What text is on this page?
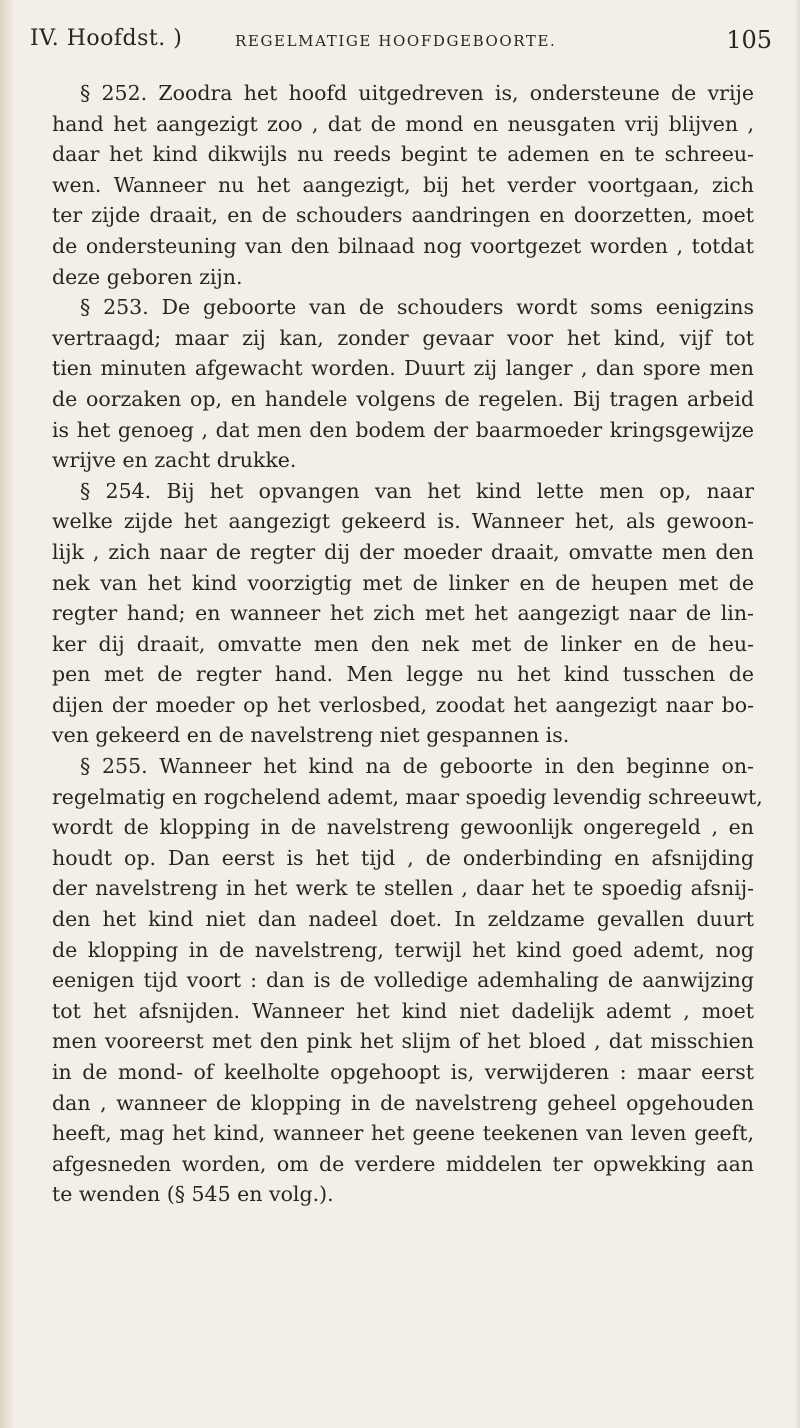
IV. Hoofdst. )	REGELMATIGE HOOFDGEBOORTE.	105
§ 252. Zoodra het hoofd uitgedreven is, ondersteune de vrije
hand het aangezigt zoo , dat de mond en neusgaten vrij blijven ,
daar het kind dikwijls nu reeds begint te ademen en te schreeu-
wen. Wanneer nu het aangezigt, bij het verder voortgaan, zich
ter zijde draait, en de schouders aandringen en doorzetten, moet
de ondersteuning van den bilnaad nog voortgezet worden , totdat
deze geboren zijn.
§ 253. De geboorte van de schouders wordt soms eenigzins
vertraagd; maar zij kan, zonder gevaar voor het kind, vijf tot
tien minuten afgewacht worden. Duurt zij langer , dan spore men
de oorzaken op, en handele volgens de regelen. Bij tragen arbeid
is het genoeg , dat men den bodem der baarmoeder kringsgewijze
wrijve en zacht drukke.
§ 254. Bij het opvangen van het kind lette men op, naar
welke zijde het aangezigt gekeerd is. Wanneer het, als gewoon-
lijk , zich naar de regter dij der moeder draait, omvatte men den
nek van het kind voorzigtig met de linker en de heupen met de
regter hand; en wanneer het zich met het aangezigt naar de lin-
ker dij draait, omvatte men den nek met de linker en de heu-
pen met de regter hand. Men legge nu het kind tusschen de
dijen der moeder op het verlosbed, zoodat het aangezigt naar bo-
ven gekeerd en de navelstreng niet gespannen is.
§ 255. Wanneer het kind na de geboorte in den beginne on-
regelmatig en rogchelend ademt, maar spoedig levendig schreeuwt,
wordt de klopping in de navelstreng gewoonlijk ongeregeld , en
houdt op. Dan eerst is het tijd , de onderbinding en afsnijding
der navelstreng in het werk te stellen , daar het te spoedig afsnij-
den het kind niet dan nadeel doet. In zeldzame gevallen duurt
de klopping in de navelstreng, terwijl het kind goed ademt, nog
eenigen tijd voort : dan is de volledige ademhaling de aanwijzing
tot het afsnijden. Wanneer het kind niet dadelijk ademt , moet
men vooreerst met den pink het slijm of het bloed , dat misschien
in de mond- of keelholte opgehoopt is, verwijderen : maar eerst
dan , wanneer de klopping in de navelstreng geheel opgehouden
heeft, mag het kind, wanneer het geene teekenen van leven geeft,
afgesneden worden, om de verdere middelen ter opwekking aan
te wenden (§ 545 en volg.).
